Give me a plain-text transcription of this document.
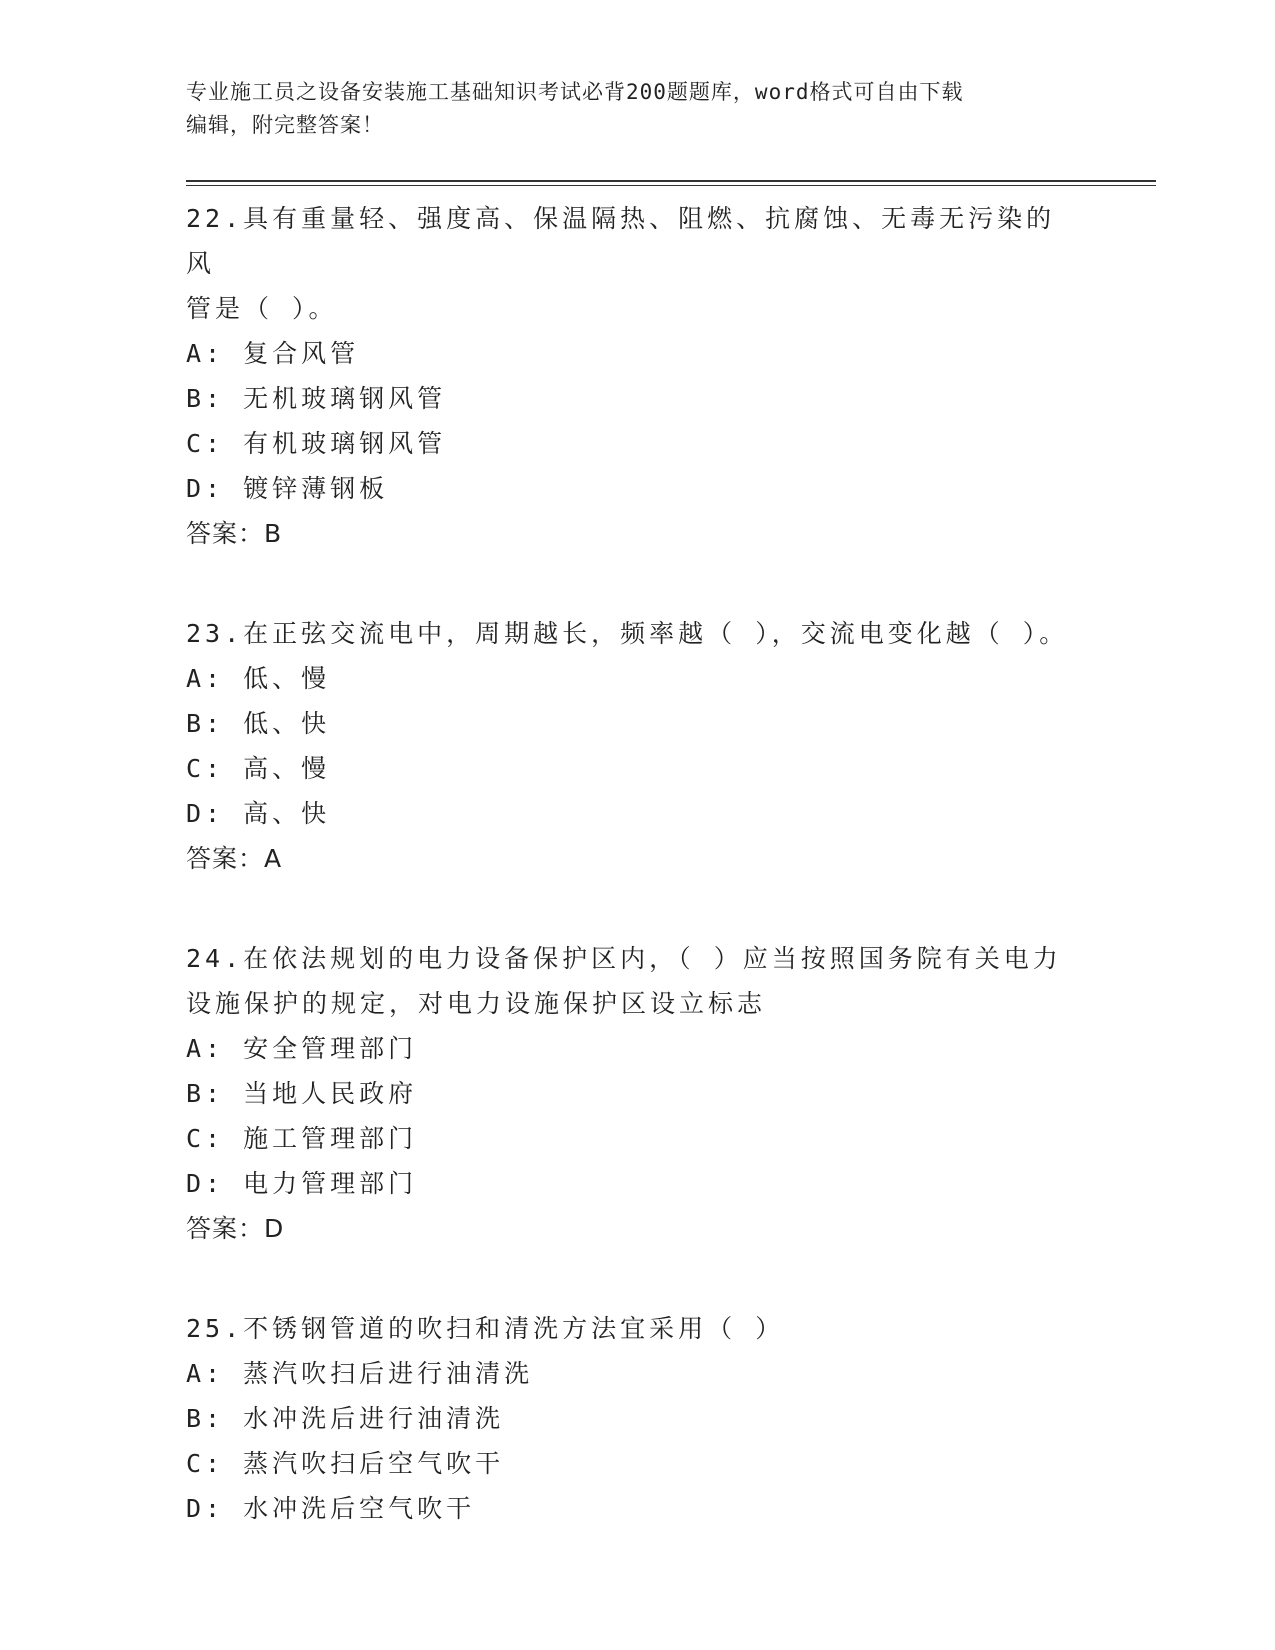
专业施工员之设备安装施工基础知识考试必背200题题库，word格式可自由下载
编辑，附完整答案！
22.具有重量轻、强度高、保温隔热、阻燃、抗腐蚀、无毒无污染的风
管是（ ）。
A: 复合风管
B: 无机玻璃钢风管
C: 有机玻璃钢风管
D: 镀锌薄钢板
答案：B
23.在正弦交流电中，周期越长，频率越（ ），交流电变化越（ ）。
A: 低、慢
B: 低、快
C: 高、慢
D: 高、快
答案：A
24.在依法规划的电力设备保护区内，（ ）应当按照国务院有关电力
设施保护的规定，对电力设施保护区设立标志
A: 安全管理部门
B: 当地人民政府
C: 施工管理部门
D: 电力管理部门
答案：D
25.不锈钢管道的吹扫和清洗方法宜采用（ ）
A: 蒸汽吹扫后进行油清洗
B: 水冲洗后进行油清洗
C: 蒸汽吹扫后空气吹干
D: 水冲洗后空气吹干
